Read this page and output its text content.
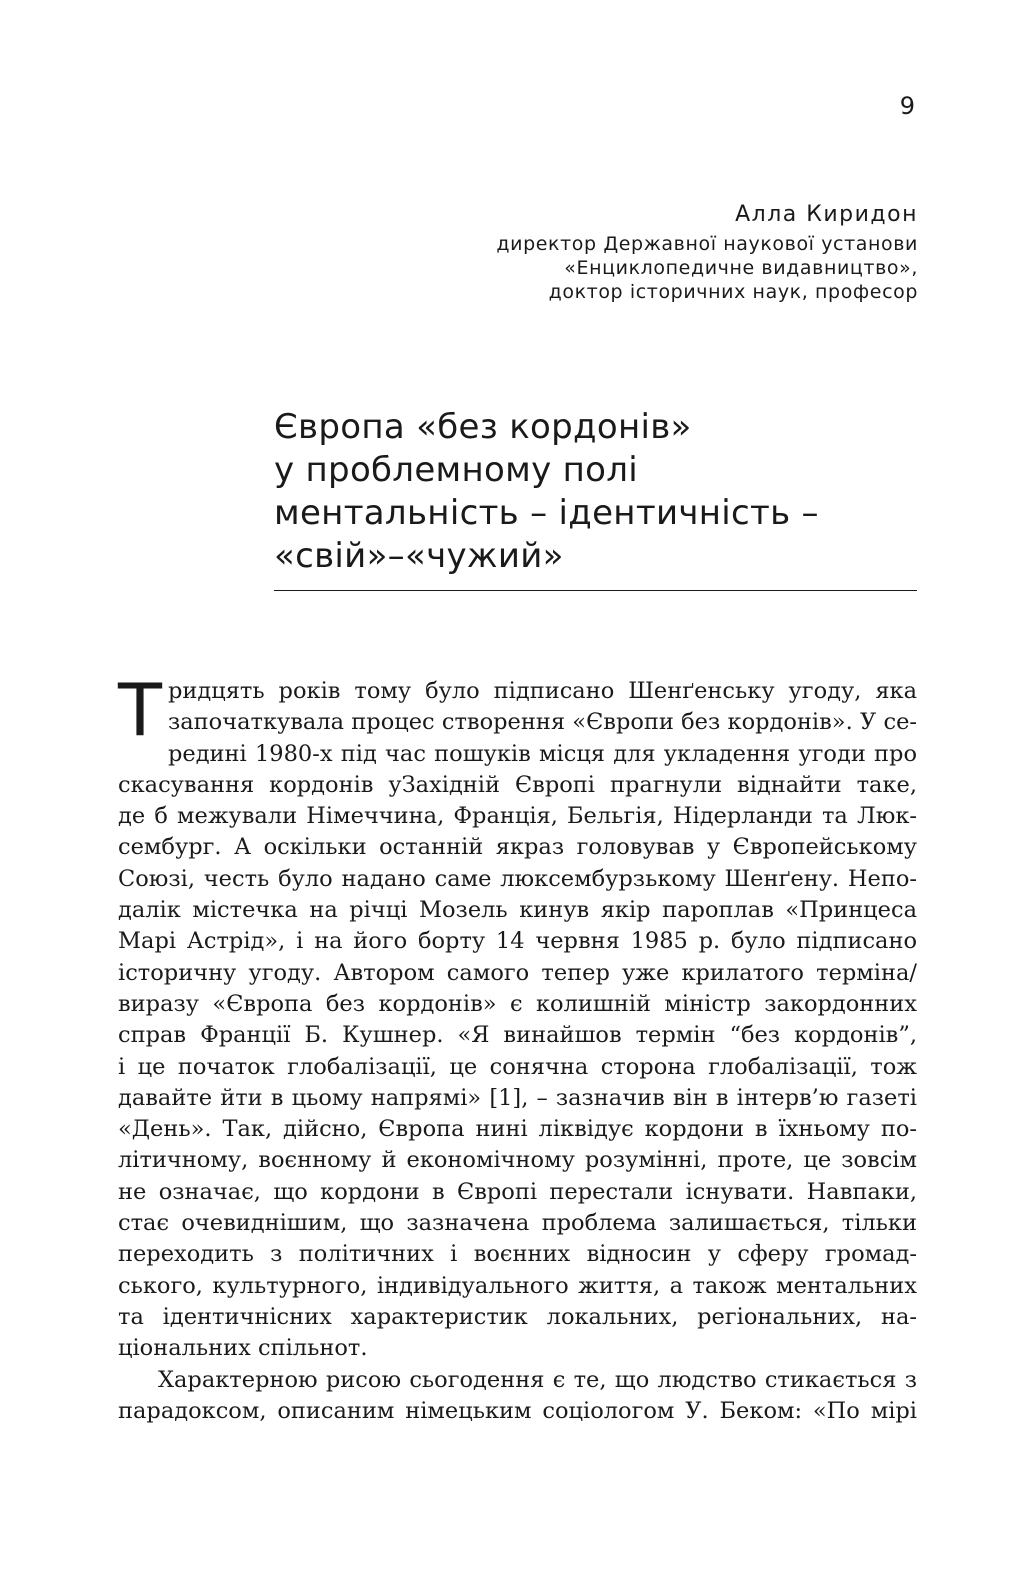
9
Алла Киридон
директор Державної наукової установи
«Енциклопедичне видавництво»,
доктор історичних наук, професор
Європа «без кордонів»
у проблемному полі
ментальність – ідентичність –
«свій»–«чужий»
Т ридцять років тому було підписано Шенґенську угоду, яка
започаткувала процес створення «Європи без кордонів». У се-
редині 1980-х під час пошуків місця для укладення угоди про
скасування кордонів уЗахідній Європі прагнули віднайти таке,
де б межували Німеччина, Франція, Бельгія, Нідерланди та Люк-
сембург. А оскільки останній якраз головував у Європейському
Союзі, честь було надано саме люксембурзькому Шенґену. Непо-
далік містечка на річці Мозель кинув якір пароплав «Принцеса
Марі Астрід», і на його борту 14 червня 1985 р. було підписано
історичну угоду. Автором самого тепер уже крилатого терміна/
виразу «Європа без кордонів» є колишній міністр закордонних
справ Франції Б. Кушнер. «Я винайшов термін “без кордонів”,
і це початок глобалізації, це сонячна сторона глобалізації, тож
давайте йти в цьому напрямі» [1], – зазначив він в інтерв’ю газеті
«День». Так, дійсно, Європа нині ліквідує кордони в їхньому по-
літичному, воєнному й економічному розумінні, проте, це зовсім
не означає, що кордони в Європі перестали існувати. Навпаки,
стає очевиднішим, що зазначена проблема залишається, тільки
переходить з політичних і воєнних відносин у сферу громад-
ського, культурного, індивідуального життя, а також ментальних
та ідентичнісних характеристик локальних, регіональних, на-
ціональних спільнот.
Характерною рисою сьогодення є те, що людство стикається з
парадоксом, описаним німецьким соціологом У. Беком: «По мірі
